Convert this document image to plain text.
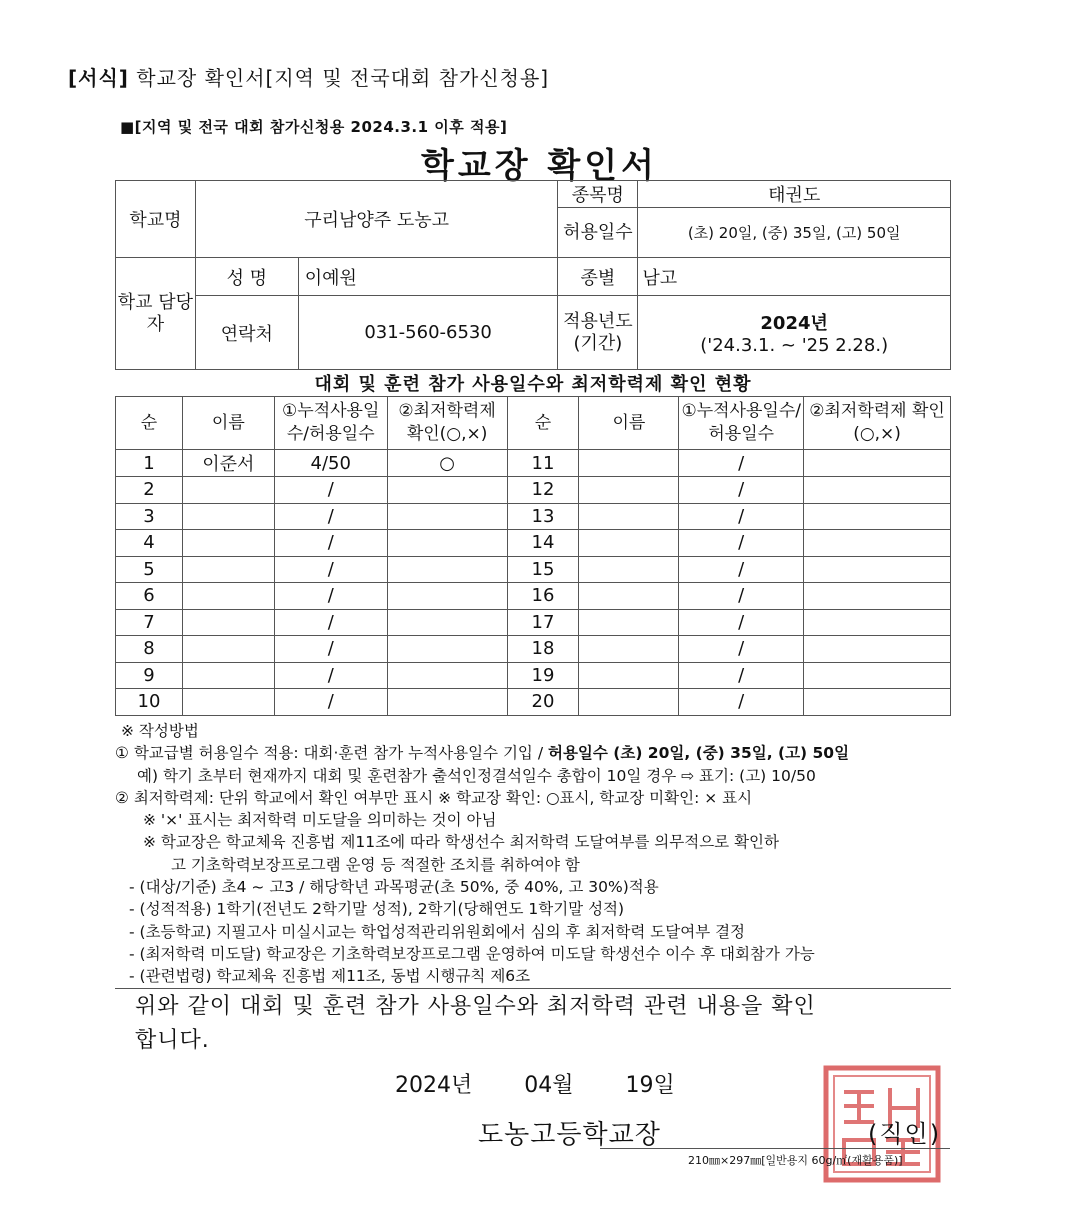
[서식] 학교장 확인서[지역 및 전국대회 참가신청용]
■[지역 및 전국 대회 참가신청용 2024.3.1 이후 적용]
학교장 확인서
학교명	구리남양주 도농고		종목명	태권도
			허용일수	(초) 20일, (중) 35일, (고) 50일
학교 담당자	성 명	이예원	종별	남고
	연락처	031-560-6530	적용년도 (기간)	2024년
('24.3.1. ~ '25 2.28.)
대회 및 훈련 참가 사용일수와 최저학력제 확인 현황
순	이름	①누적사용일수/허용일수	②최저학력제 확인(○,×)	순	이름	①누적사용일수/허용일수	②최저학력제 확인(○,×)
1	이준서	4/50	○	11		/	
2		/		12		/	
3		/		13		/	
4		/		14		/	
5		/		15		/	
6		/		16		/	
7		/		17		/	
8		/		18		/	
9		/		19		/	
10		/		20		/	
※ 작성방법
① 학교급별 허용일수 적용: 대회·훈련 참가 누적사용일수 기입 / 허용일수 (초) 20일, (중) 35일, (고) 50일
예) 학기 초부터 현재까지 대회 및 훈련참가 출석인정결석일수 총합이 10일 경우 ⇨ 표기: (고) 10/50
② 최저학력제: 단위 학교에서 확인 여부만 표시 ※ 학교장 확인: ○표시, 학교장 미확인: × 표시
※ '×' 표시는 최저학력 미도달을 의미하는 것이 아님
※ 학교장은 학교체육 진흥법 제11조에 따라 학생선수 최저학력 도달여부를 의무적으로 확인하
고 기초학력보장프로그램 운영 등 적절한 조치를 취하여야 함
- (대상/기준) 초4 ~ 고3 / 해당학년 과목평균(초 50%, 중 40%, 고 30%)적용
- (성적적용) 1학기(전년도 2학기말 성적), 2학기(당해연도 1학기말 성적)
- (초등학교) 지필고사 미실시교는 학업성적관리위원회에서 심의 후 최저학력 도달여부 결정
- (최저학력 미도달) 학교장은 기초학력보장프로그램 운영하여 미도달 학생선수 이수 후 대회참가 가능
- (관련법령) 학교체육 진흥법 제11조, 동법 시행규칙 제6조
위와 같이 대회 및 훈련 참가 사용일수와 최저학력 관련 내용을 확인
합니다.
2024년 04월 19일
도농고등학교장	(직인)
210㎜×297㎜[일반용지 60g/㎡(재활용품)]
